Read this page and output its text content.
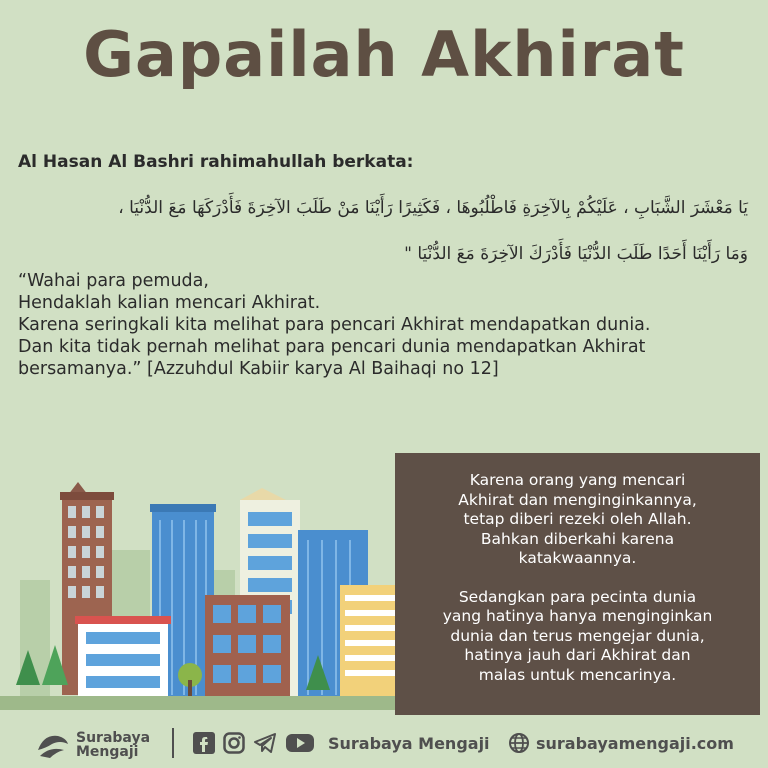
Gapailah Akhirat
Al Hasan Al Bashri rahimahullah berkata:
يَا مَعْشَرَ الشَّبَابِ ، عَلَيْكُمْ بِالآخِرَةِ فَاطْلُبُوهَا ، فَكَثِيرًا رَأَيْنَا مَنْ طَلَبَ الآخِرَةَ فَأَدْرَكَهَا مَعَ الدُّنْيَا ،
وَمَا رَأَيْنَا أَحَدًا طَلَبَ الدُّنْيَا فَأَدْرَكَ الآخِرَةَ مَعَ الدُّنْيَا "
“Wahai para pemuda,
Hendaklah kalian mencari Akhirat.
Karena seringkali kita melihat para pencari Akhirat mendapatkan dunia.
Dan kita tidak pernah melihat para pencari dunia mendapatkan Akhirat
bersamanya.” [Azzuhdul Kabiir karya Al Baihaqi no 12]

Karena orang yang mencari
Akhirat dan menginginkannya,
tetap diberi rezeki oleh Allah.
Bahkan diberkahi karena
katakwaannya.

Sedangkan para pecinta dunia
yang hatinya hanya menginginkan
dunia dan terus mengejar dunia,
hatinya jauh dari Akhirat dan
malas untuk mencarinya.

Surabaya
Mengaji	Surabaya Mengaji	surabayamengaji.com
